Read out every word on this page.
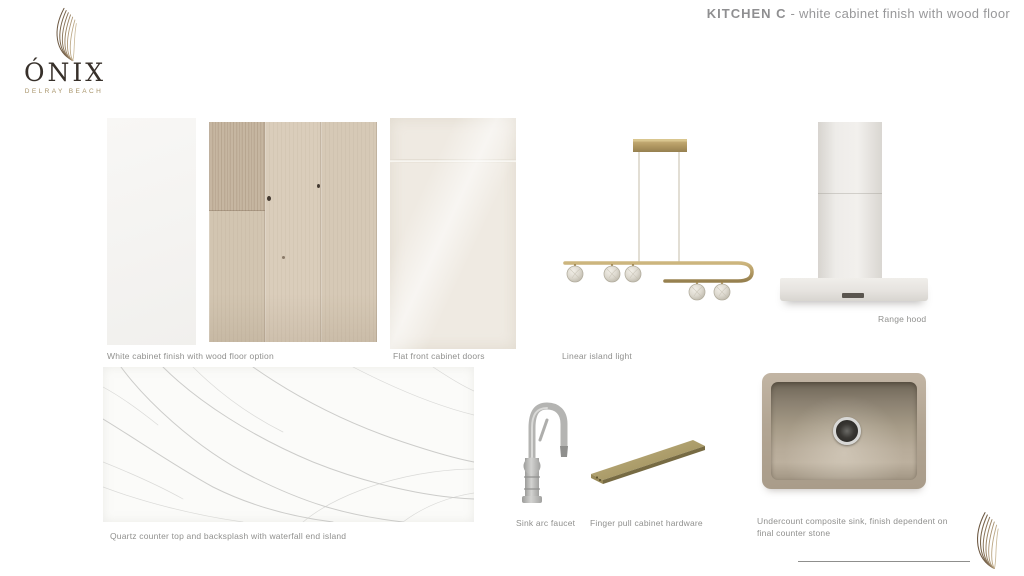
KITCHEN C - white cabinet finish with wood floor
ÓNIX
DELRAY BEACH
White cabinet finish with wood floor option	Flat front cabinet doors	Linear island light
Range hood
Quartz counter top and backsplash with waterfall end island
Sink arc faucet Finger pull cabinet hardware	Undercount composite sink, finish dependent on final counter stone
